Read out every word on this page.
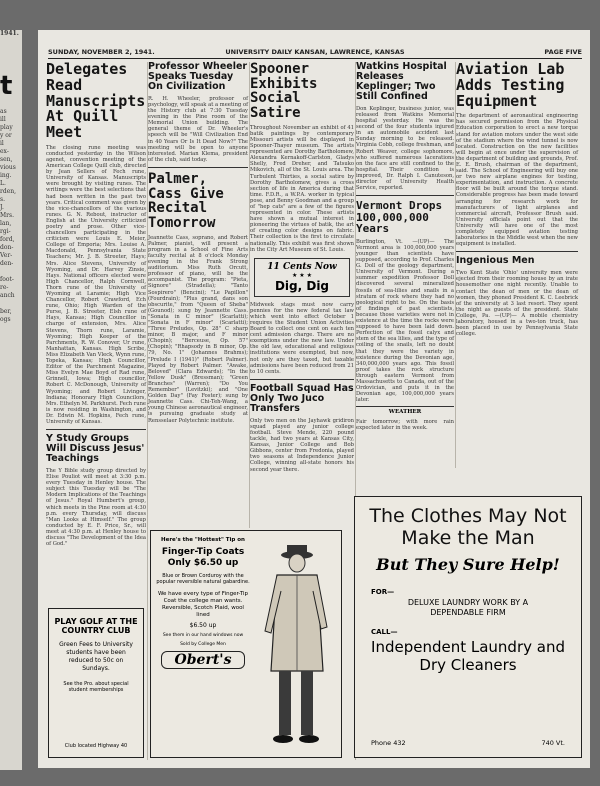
1941.
t
as
ill
play
y or
il
ex-
sen,
vious
ing.
L.
rden,
s.
J.
Mrs.
lan,
rgi-
ford,
don-
Ver-
den-
foot-
re-
anch
ber,
ogs
SUNDAY, NOVEMBER 2, 1941.	UNIVERSITY DAILY KANSAN, LAWRENCE, KANSAS	PAGE FIVE
Delegates Read Manuscripts At Quill Meet
The closing rune meeting was conducted yesterday in the Wilson agenet, convention meeting of the American College Quill club, directed by Jean Sellers of Fech rune, University of Kansas. Manuscripts were brought by visiting runes. The writings were the best selections that had been written in the past two years. Critical comment was given by the vice-chancellors of the various runes. G. N. Rebout, instructor of English at the University criticized poetry and prose. Other vice-chancellors participating in the criticism were Louis E. Meier, College of Emporia; Mrs. Louise A. Macdonald, Pennsylvania State Teachers; Mr. J. B. Streeter, Hays; Mrs. Alice Stevens, University of Wyoming, and Dr. Harvey Zinsie, Hays. National officers elected were High Chancellor, Ralph Cornwell, Thorn rune of the University of Wyoming at Laramie; High Vice Chancellor, Robert Crawford, Ech rune, Ohio; High Warden of the Purse, J. B. Streeter, Elsh rune of Hays, Kansas; High Councillor in charge of extension, Mrs. Alice Stevens, Thorn rune, Laramie, Wyoming; High Keeper of the Parchments, R. W. Conover, Ur rune, Manhattan, Kansas. High Scribe, Miss Elizabeth Van Vleck, Wynn rune, Topeka, Kansas; High Councillor, Editor of the Parchment Magazine, Miss Evelyn Mae Boyd of Rad rune, Grinnell, Iowa; High councillor, Robert C. McDonough, University of Wyoming; and Robert Livinger, Indiana; Honorary High Councilors, Mrs. Ethelyn M. Parkhurst. Fech rune is now residing in Washington, and Dr. Edwin M. Hopkins, Fech rune, University of Kansas.
Y Study Groups Will Discuss Jesus' Teachings
The Y Bible study group directed by Elise Pouliot will meet at 3:30 p.m. every Tuesday in Henley house. The subject this Tuesday will be "The Modern Implications of the Teachings of Jesus." Royal Humbert's group, which meets in the Pine room at 4:30 p.m. every Thursday, will discuss "Man Looks at Himself." The group conducted by E. F. Price, Sr., will meet at 4:30 p.m. at Henley house to discuss "The Development of the Idea of God."
Professor Wheeler Speaks Tuesday On Civilization
R. H. Wheeler, professor of psychology, will speak at a meeting of the History club at 7:30 Tuesday evening in the Pine room of the Memorial Union building. The general theme of Dr. Wheeler's speech will be "Will Civilization End in 40 Years Or Is It Dead Now?" The meeting will be open to anyone interested. Marian Klema, president of the club, said today.
Palmer, Cass Give Recital Tomorrow
Jeannette Cass, soprano, and Robert Palmer, pianist, will present a program in a School of Fine Arts faculty recital at 8 o'clock Monday evening in the Frank Strong auditorium. Miss Ruth Orcutt, professor of piano, will be the accompanist. The program: "Pieta, Signore" (Stradella); "Tanto Sospirero" (Bencini); "Le Papillon" (Fourdrain); "Plus grand, dans son obscurite," from "Queen of Sheba" (Gounod); sung by Jeannette Cass. "Sonata in C minor" (Scarlatti); "Sonata in F minor" (Scarlatti); "Three Preludes, Op. 28" C sharp minor, B major, and F minor (Chopin); "Berceuse, Op. 57" (Chopin); "Rhapsody in B minor, Op. 79, No. 1" (Johannes Brahms); "Prelude I (1941)" (Robert Palmer). Played by Robert Palmer. "Awake, Beloved" (Clara Edwards); "In the Yellow Dusk" (Bressman); "Green Branches" (Warren); "Do You Remember" (Levitzki); and "One Golden Day" (Fay Foster); sung by Jeannette Cass. Chi-Teh-Wang, a young Chinese aeronautical engineer, is pursuing graduate study at Rensselaer Polytechnic institute.
Spooner Exhibits Social Satire
Throughout November an exhibit of 41 batik paintings by contemporary Missouri artists will be displayed in Spooner-Thayer museum. The artists represented are Dorothy Bartholomew, Alexandra Kernakoff-Carlston, Gladys Shelly, Fred Dreher, and Tatsuko Mikovich, all of the St. Louis area. The Turbulent Thirties, a social satire by Dorothy Bartholomew, gives a cross section of life in America during that time. F.D.R., a W.P.A. worker in typical pose, and Benny Goodman and a group of "hep cats" are a few of the figures represented in color. These artists have shown a mutual interest in pioneering the virtues of batik, the art of creating color designs on fabric. Their collection is the first to circulate nationally. This exhibit was first shown in the City Art Museum of St. Louis.
11 Cents Now
★ ★ ★
Dig, Dig
Midweek stags must now carry pennies for the new federal tax law which went into effect October 1 requires the Student Union Activities Board to collect one cent on each ten cent admission charge. There are no exemptions under the new law. Under the old law, educational and religious institutions were exempted, but now, not only are they taxed, but taxable admissions have been reduced from 21 to 10 cents.
Football Squad Has Only Two Juco Transfers
Only two men on the Jayhawk gridiron squad played any junior college football. Steve Mende, 220 pound tackle, had two years at Kansas City, Kansas, Junior College and Bob Gibbons, center from Fredonia, played two seasons at Independence Junior College, winning all-state honors his second year there.
Watkins Hospital Releases Keplinger; Two Still Confined
Don Keplinger, business junior, was released from Watkins Memorial hospital yesterday. He was the second of the four students injured in an automobile accident last Sunday morning to be released. Virginia Cobb, college freshman, and Robert Weaver, college sophomore, who suffered numerous lacerations on the face are still confined to the hospital. Their condition is improved, Dr. Ralph I. Canuteson, director of University Health Service, reported.
Vermont Drops 100,000,000 Years
Burlington, Vt. —(UP)— The Vermont area is 100,000,000 years younger than scientists have supposed, according to Prof. Charles G. Doll of the geology department, University of Vermont. During a summer expedition Professor Doll discovered several mineralized fossils of sea-lilies and snails in a stratum of rock where they had no geological right to be. On the basis of findings of past scientists, because those varieties were not in existence at the time the rocks were supposed to have been laid down. Perfection of the fossil calyx and stem of the sea lilies, and the type of coiling of the snails, left no doubt that they were the variety in existence during the Devonian age, 340,000,000 years ago. This fossil proof takes the rock structure through eastern Vermont from Massachusetts to Canada, out of the Ordovician, and puts it in the Devonian age, 100,000,000 years later.
WEATHER
Fair tomorrow; with more rain expected later in the week.
Aviation Lab Adds Testing Equipment
The department of aeronautical engineering has secured permission from the Physical Education corporation to erect a new torque stand for aviation motors under the west side of the stadium where the wind tunnel is now located. Construction on the new facilities will begin at once under the supervision of the department of building and grounds, Prof. E. E. Brush, chairman of the department, said. The School of Engineering will buy one or two new airplane engines for testing, experimentation, and instruction. A concrete floor will be built around the torque stand. Considerable progress has been made toward arranging for research work for manufacturers of light airplanes and commercial aircraft, Professor Brush said. University officials point out that the University will have one of the most completely equipped aviation testing laboratories in the Middle west when the new equipment is installed.
Ingenious Men
Two Kent State 'Ohio' university men were ejected from their rooming house by an irate housemother one night recently. Unable to contact the dean of men or the dean of women, they phoned President K. C. Leebrick of the university at 3 last resort. They spent the night as guests of the president. State College, Pa. —(UP)— A mobile chemistry laboratory, housed in a two-ton truck, has been placed in use by Pennsylvania State college.
PLAY GOLF AT THE COUNTRY CLUB
Green Fees to University students have been reduced to 50c on Sundays.
See the Pro. about special student memberships
Club located Highway 40
Here's the "Hottest" Tip on
Finger-Tip Coats Only $6.50 up
Blue or Brown Corduroy with the popular reversible natural gabardine.
We have every type of Finger-Tip Coat the college man wants. Reversible, Scotch Plaid, wool lined
$6.50 up
See them in our hand windows now
Sold by College Men
Obert's
The Clothes May Not Make the Man
But They Sure Help!
FOR—
DELUXE LAUNDRY WORK BY A DEPENDABLE FIRM
CALL—
Independent Laundry and Dry Cleaners
Phone 432	740 Vt.
